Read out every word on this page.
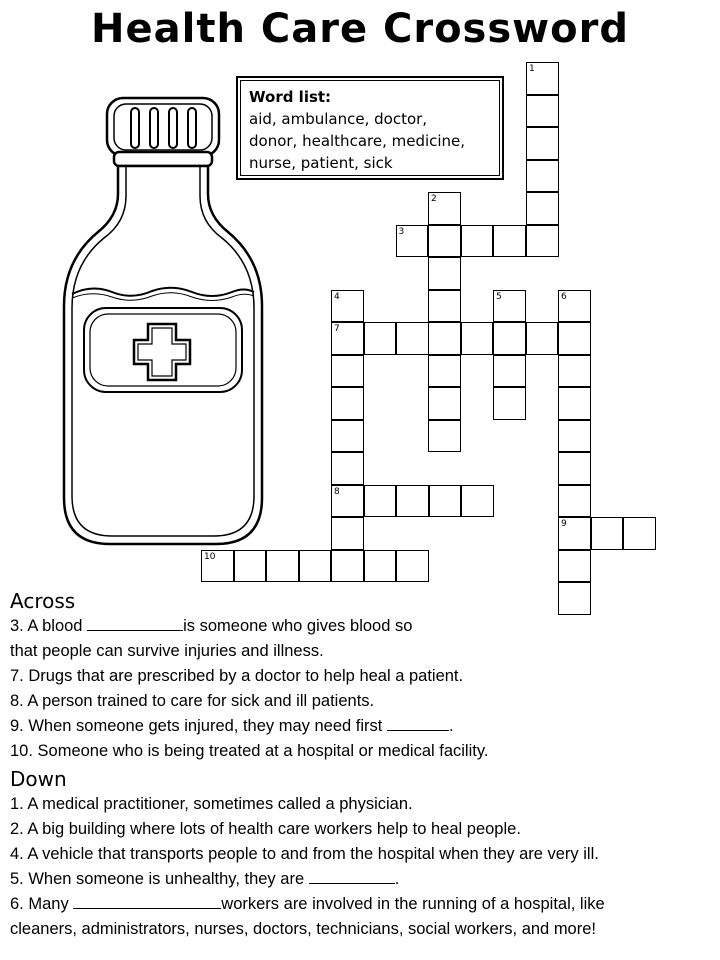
Health Care Crossword
Word list:
aid, ambulance, doctor,
donor, healthcare, medicine,
nurse, patient, sick
1
2
3
4
7
8
5	6
9
10
Across
3. A blood	is someone who gives blood so
that people can survive injuries and illness.
7. Drugs that are prescribed by a doctor to help heal a patient.
8. A person trained to care for sick and ill patients.
9. When someone gets injured, they may need first	.
10. Someone who is being treated at a hospital or medical facility.
Down
1. A medical practitioner, sometimes called a physician.
2. A big building where lots of health care workers help to heal people.
4. A vehicle that transports people to and from the hospital when they are very ill.
5. When someone is unhealthy, they are	.
6. Many	workers are involved in the running of a hospital, like
cleaners, administrators, nurses, doctors, technicians, social workers, and more!
